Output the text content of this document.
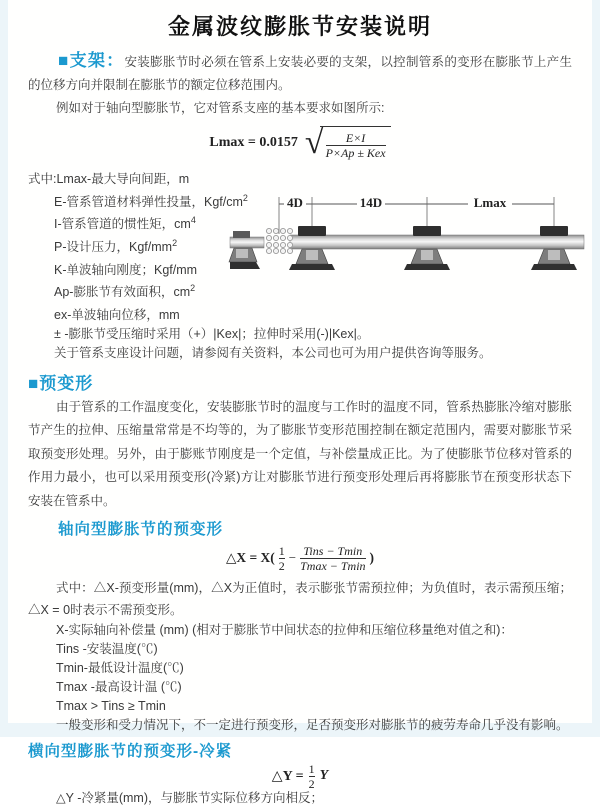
金属波纹膨胀节安装说明

■支架：安装膨胀节时必须在管系上安装必要的支架，以控制管系的变形在膨胀节上产生的位移方向并限制在膨胀节的额定位移范围内。

例如对于轴向型膨胀节，它对管系支座的基本要求如图所示:

Lmax = 0.0157 √ $\frac{E\times I}{\text{P×Ap ± Kex}}$
式中:Lmax-最大导向间距，m
E-管系管道材料弹性投量，Kgf/$cm^2$
I-管系管道的惯性矩，$cm^4$
P-设计压力，Kgf/$mm^2$
K-单波轴向刚度；Kgf/mm
Ap-膨胀节有效面积，$cm^2$
ex-单波轴向位移，mm
4D	14D	Lmax
± -膨胀节受压缩时采用（+）|Kex|；拉伸时采用(-)|Kex|。
关于管系支座设计问题，请参阅有关资料，本公司也可为用户提供咨询等服务。
■预变形

由于管系的工作温度变化，安装膨胀节时的温度与工作时的温度不同，管系热膨胀冷缩对膨胀节产生的拉伸、压缩量常常是不均等的，为了膨胀节变形范围控制在额定范围内，需要对膨胀节采取预变形处理。另外，由于膨账节刚度是一个定值，与补偿量成正比。为了使膨胀节位移对管系的作用力最小，也可以采用预变形(冷紧)方让对膨胀节进行预变形处理后再将膨胀节在预变形状态下安装在管系中。

轴向型膨胀节的预变形
△X = $X( \frac{1}{2} - \frac{\text{Tins − Tmin}}{Tmax - Tmin}$ )

式中：△X-预变形量(mm)，△X为正值时，表示膨张节需预拉伸；为负值时，表示需预压缩；△X = 0时表示不需预变形。

X-实际轴向补偿量 (mm) (相对于膨胀节中间状态的拉伸和压缩位移量绝对值之和)：
Tins -安装温度(℃)
Tmin-最低设计温度(℃)
Tmax -最高设计温 (℃)
Tmax > Tins ≥ Tmin
一般变形和受力情况下，不一定进行预变形，足否预变形对膨胀节的疲劳寿命几乎没有影响。
横向型膨胀节的预变形-冷紧
△Y = $\frac{1}{2}$ Y
△Y -冷紧量(mm)，与膨胀节实际位移方向相反；
